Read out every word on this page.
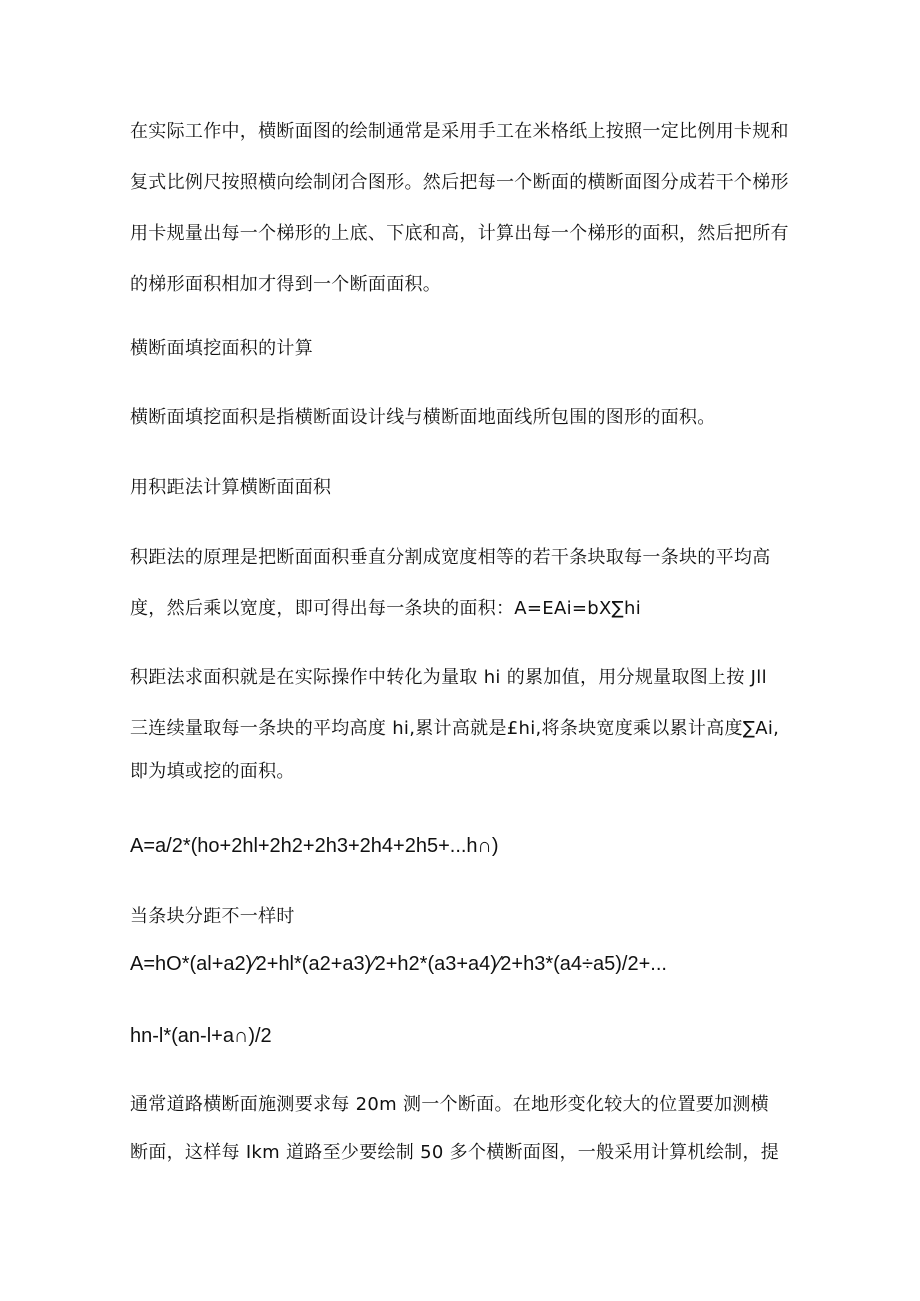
在实际工作中，横断面图的绘制通常是采用手工在米格纸上按照一定比例用卡规和
复式比例尺按照横向绘制闭合图形。然后把每一个断面的横断面图分成若干个梯形
用卡规量出每一个梯形的上底、下底和高，计算出每一个梯形的面积，然后把所有
的梯形面积相加才得到一个断面面积。
横断面填挖面积的计算
横断面填挖面积是指横断面设计线与横断面地面线所包围的图形的面积。
用积距法计算横断面面积
积距法的原理是把断面面积垂直分割成宽度相等的若干条块取每一条块的平均高
度，然后乘以宽度，即可得出每一条块的面积：A=EAi=bX∑hi
积距法求面积就是在实际操作中转化为量取 hi 的累加值，用分规量取图上按 Jll
三连续量取每一条块的平均高度 hi,累计高就是£hi,将条块宽度乘以累计高度∑Ai,
即为填或挖的面积。
A=a/2*(ho+2hl+2h2+2h3+2h4+2h5+...h∩)
当条块分距不一样时
A=hO*(al+a2)⁄2+hl*(a2+a3)⁄2+h2*(a3+a4)⁄2+h3*(a4÷a5)/2+...
hn-l*(an-l+a∩)/2
通常道路横断面施测要求每 20m 测一个断面。在地形变化较大的位置要加测横
断面，这样每 Ikm 道路至少要绘制 50 多个横断面图，一般采用计算机绘制，提
